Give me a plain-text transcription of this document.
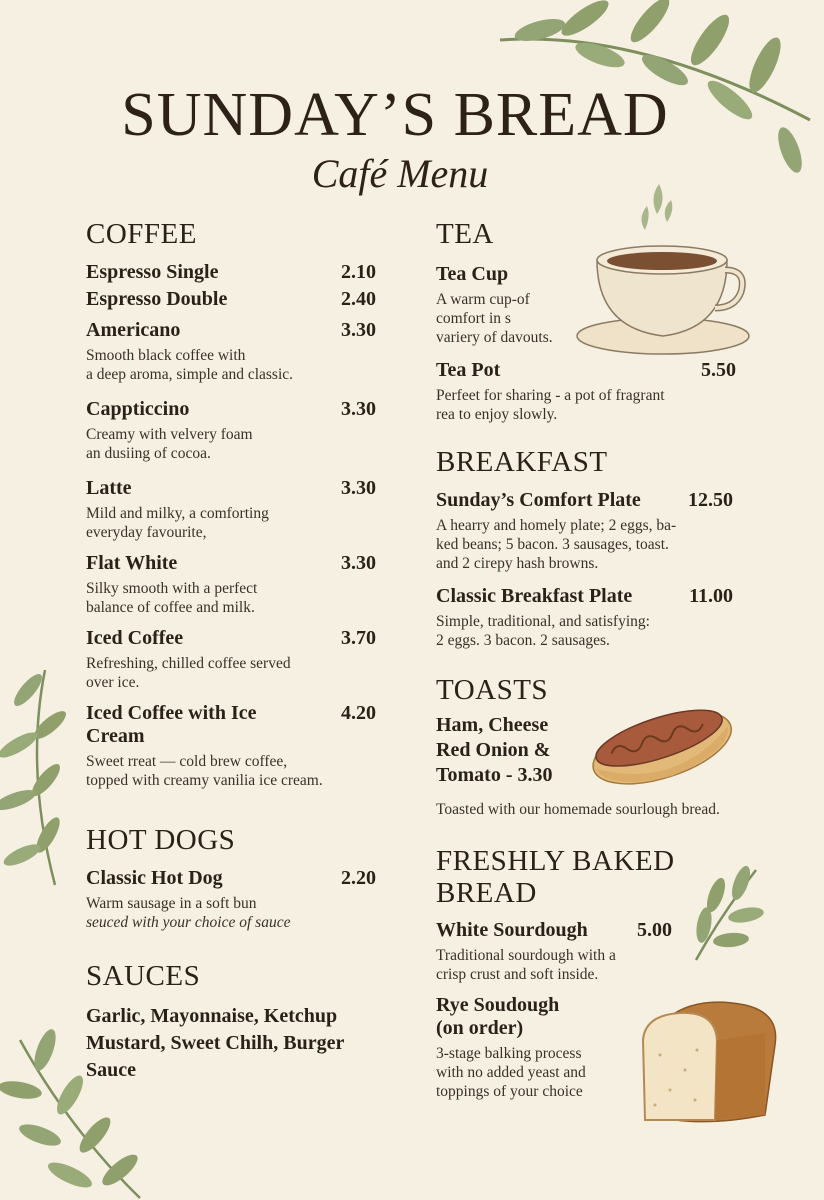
SUNDAY’S BREAD
Café Menu
COFFEE
Espresso Single	2.10
Espresso Double	2.40
Americano	3.30

Smooth black coffee with
a deep aroma, simple and classic.

Cappticcino	3.30

Creamy with velvery foam
an dusiing of cocoa.

Latte	3.30

Mild and milky, a comforting
everyday favourite,

Flat White	3.30

Silky smooth with a perfect
balance of coffee and milk.

Iced Coffee	3.70

Refreshing, chilled coffee served
over ice.

Iced Coffee with Ice	4.20
Cream

Sweet rreat — cold brew coffee,
topped with creamy vanilia ice cream.

HOT DOGS
Classic Hot Dog	2.20

Warm sausage in a soft bun
seuced with your choice of sauce

SAUCES
Garlic, Mayonnaise, Ketchup
Mustard, Sweet Chilh, Burger
Sauce
TEA
Tea Cup

A warm cup-of
comfort in s
variery of davouts.

Tea Pot	5.50

Perfeet for sharing - a pot of fragrant
rea to enjoy slowly.

BREAKFAST
Sunday’s Comfort Plate 12.50

A hearry and homely plate; 2 eggs, ba-
ked beans; 5 bacon. 3 sausages, toast.
and 2 cirepy hash browns.

Classic Breakfast Plate	11.00

Simple, traditional, and satisfying:
2 eggs. 3 bacon. 2 sausages.

TOASTS
Ham, Cheese
Red Onion &
Tomato - 3.30

Toasted with our homemade sourlough bread.

FRESHLY BAKED
BREAD
White Sourdough 5.00

Traditional sourdough with a
crisp crust and soft inside.

Rye Soudough
(on order)

3-stage balking process
with no added yeast and
toppings of your choice
